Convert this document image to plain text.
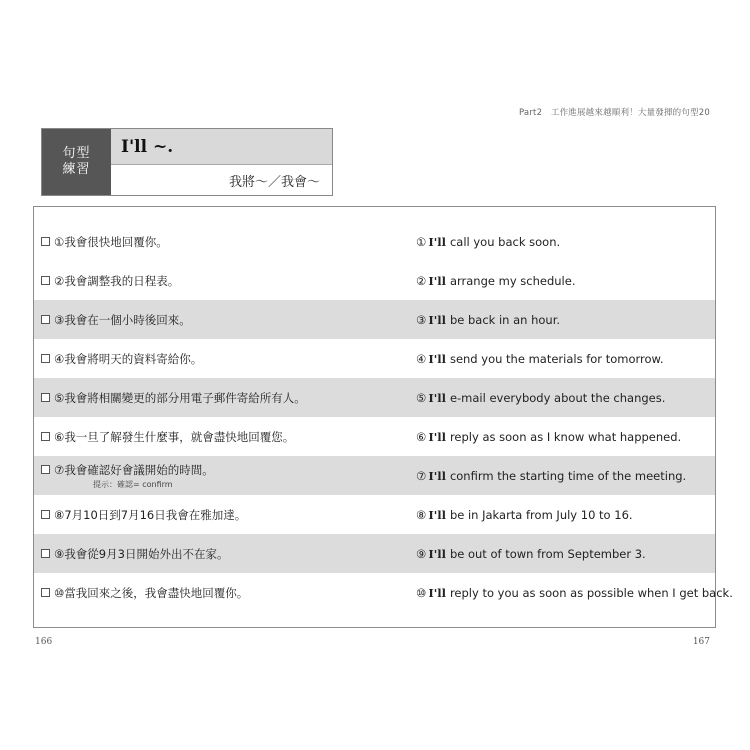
Part2　工作進展越來越順利！大量發揮的句型20
句型
練習
I'll ~.
我將～／我會～
① 我會很快地回覆你。	① I'll call you back soon.
② 我會調整我的日程表。	② I'll arrange my schedule.
③ 我會在一個小時後回來。	③ I'll be back in an hour.
④ 我會將明天的資料寄給你。	④ I'll send you the materials for tomorrow.
⑤ 我會將相關變更的部分用電子郵件寄給所有人。	⑤ I'll e-mail everybody about the changes.
⑥ 我一旦了解發生什麼事，就會盡快地回覆您。	⑥ I'll reply as soon as I know what happened.
⑦ 我會確認好會議開始的時間。
提示：確認= confirm
⑦ I'll confirm the starting time of the meeting.
⑧ 7月10日到7月16日我會在雅加達。	⑧ I'll be in Jakarta from July 10 to 16.
⑨ 我會從9月3日開始外出不在家。	⑨ I'll be out of town from September 3.
⑩ 當我回來之後，我會盡快地回覆你。	⑩ I'll reply to you as soon as possible when I get back.
166	167
